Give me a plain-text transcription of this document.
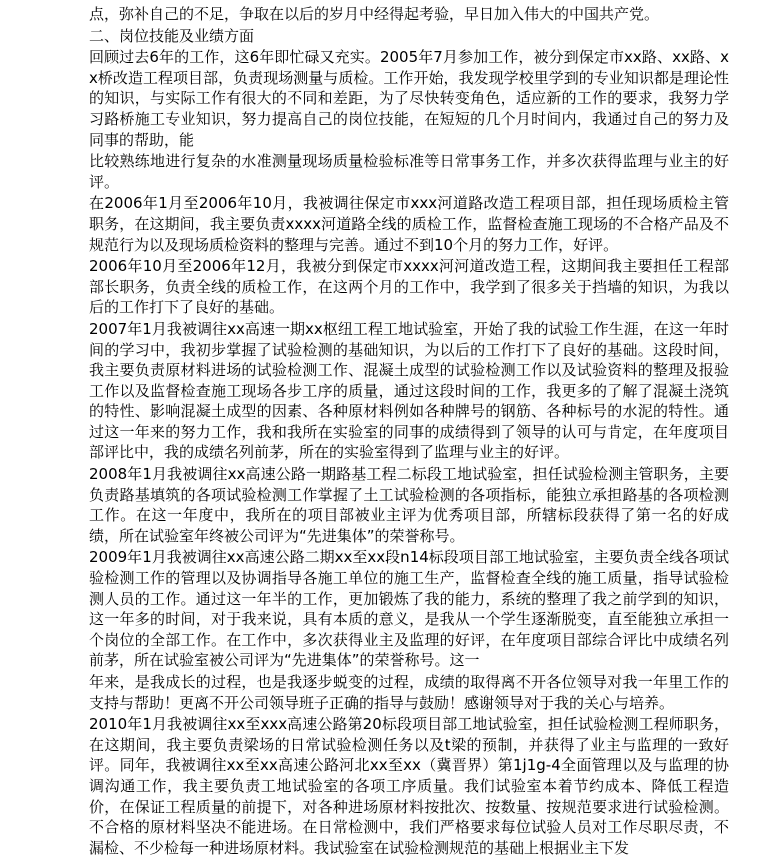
点，弥补自己的不足，争取在以后的岁月中经得起考验，早日加入伟大的中国共产党。

二、岗位技能及业绩方面

回顾过去6年的工作，这6年即忙碌又充实。2005年7月参加工作，被分到保定市xx路、xx路、xx桥改造工程项目部，负责现场测量与质检。工作开始，我发现学校里学到的专业知识都是理论性的知识，与实际工作有很大的不同和差距，为了尽快转变角色，适应新的工作的要求，我努力学习路桥施工专业知识，努力提高自己的岗位技能，在短短的几个月时间内，我通过自己的努力及同事的帮助，能

比较熟练地进行复杂的水准测量现场质量检验标准等日常事务工作，并多次获得监理与业主的好评。

在2006年1月至2006年10月，我被调往保定市xxx河道路改造工程项目部，担任现场质检主管职务，在这期间，我主要负责xxxx河道路全线的质检工作，监督检查施工现场的不合格产品及不规范行为以及现场质检资料的整理与完善。通过不到10个月的努力工作，好评。

2006年10月至2006年12月，我被分到保定市xxxx河河道改造工程，这期间我主要担任工程部部长职务，负责全线的质检工作，在这两个月的工作中，我学到了很多关于挡墙的知识，为我以后的工作打下了良好的基础。

2007年1月我被调往xx高速一期xx枢纽工程工地试验室，开始了我的试验工作生涯，在这一年时间的学习中，我初步掌握了试验检测的基础知识，为以后的工作打下了良好的基础。这段时间，我主要负责原材料进场的试验检测工作、混凝土成型的试验检测工作以及试验资料的整理及报验工作以及监督检查施工现场各步工序的质量，通过这段时间的工作，我更多的了解了混凝土浇筑的特性、影响混凝土成型的因素、各种原材料例如各种牌号的钢筋、各种标号的水泥的特性。通过这一年来的努力工作，我和我所在实验室的同事的成绩得到了领导的认可与肯定，在年度项目部评比中，我的成绩名列前茅，所在的实验室得到了监理与业主的好评。

2008年1月我被调往xx高速公路一期路基工程二标段工地试验室，担任试验检测主管职务，主要负责路基填筑的各项试验检测工作掌握了土工试验检测的各项指标，能独立承担路基的各项检测工作。在这一年度中，我所在的项目部被业主评为优秀项目部，所辖标段获得了第一名的好成绩，所在试验室年终被公司评为“先进集体”的荣誉称号。

2009年1月我被调往xx高速公路二期xx至xx段n14标段项目部工地试验室，主要负责全线各项试验检测工作的管理以及协调指导各施工单位的施工生产，监督检查全线的施工质量，指导试验检测人员的工作。通过这一年半的工作，更加锻炼了我的能力，系统的整理了我之前学到的知识，这一年多的时间，对于我来说，具有本质的意义，是我从一个学生逐渐脱变，直至能独立承担一个岗位的全部工作。在工作中，多次获得业主及监理的好评，在年度项目部综合评比中成绩名列前茅，所在试验室被公司评为“先进集体”的荣誉称号。这一

年来，是我成长的过程，也是我逐步蜕变的过程，成绩的取得离不开各位领导对我一年里工作的支持与帮助！更离不开公司领导班子正确的指导与鼓励！感谢领导对于我的关心与培养。

2010年1月我被调往xx至xxx高速公路第20标段项目部工地试验室，担任试验检测工程师职务，在这期间，我主要负责梁场的日常试验检测任务以及t梁的预制，并获得了业主与监理的一致好评。同年，我被调往xx至xx高速公路河北xx至xx（冀晋界）第1j1g-4全面管理以及与监理的协调沟通工作，我主要负责工地试验室的各项工序质量。我们试验室本着节约成本、降低工程造价，在保证工程质量的前提下，对各种进场原材料按批次、按数量、按规范要求进行试验检测。不合格的原材料坚决不能进场。在日常检测中，我们严格要求每位试验人员对工作尽职尽责，不漏检、不少检每一种进场原材料。我试验室在试验检测规范的基础上根据业主下发
